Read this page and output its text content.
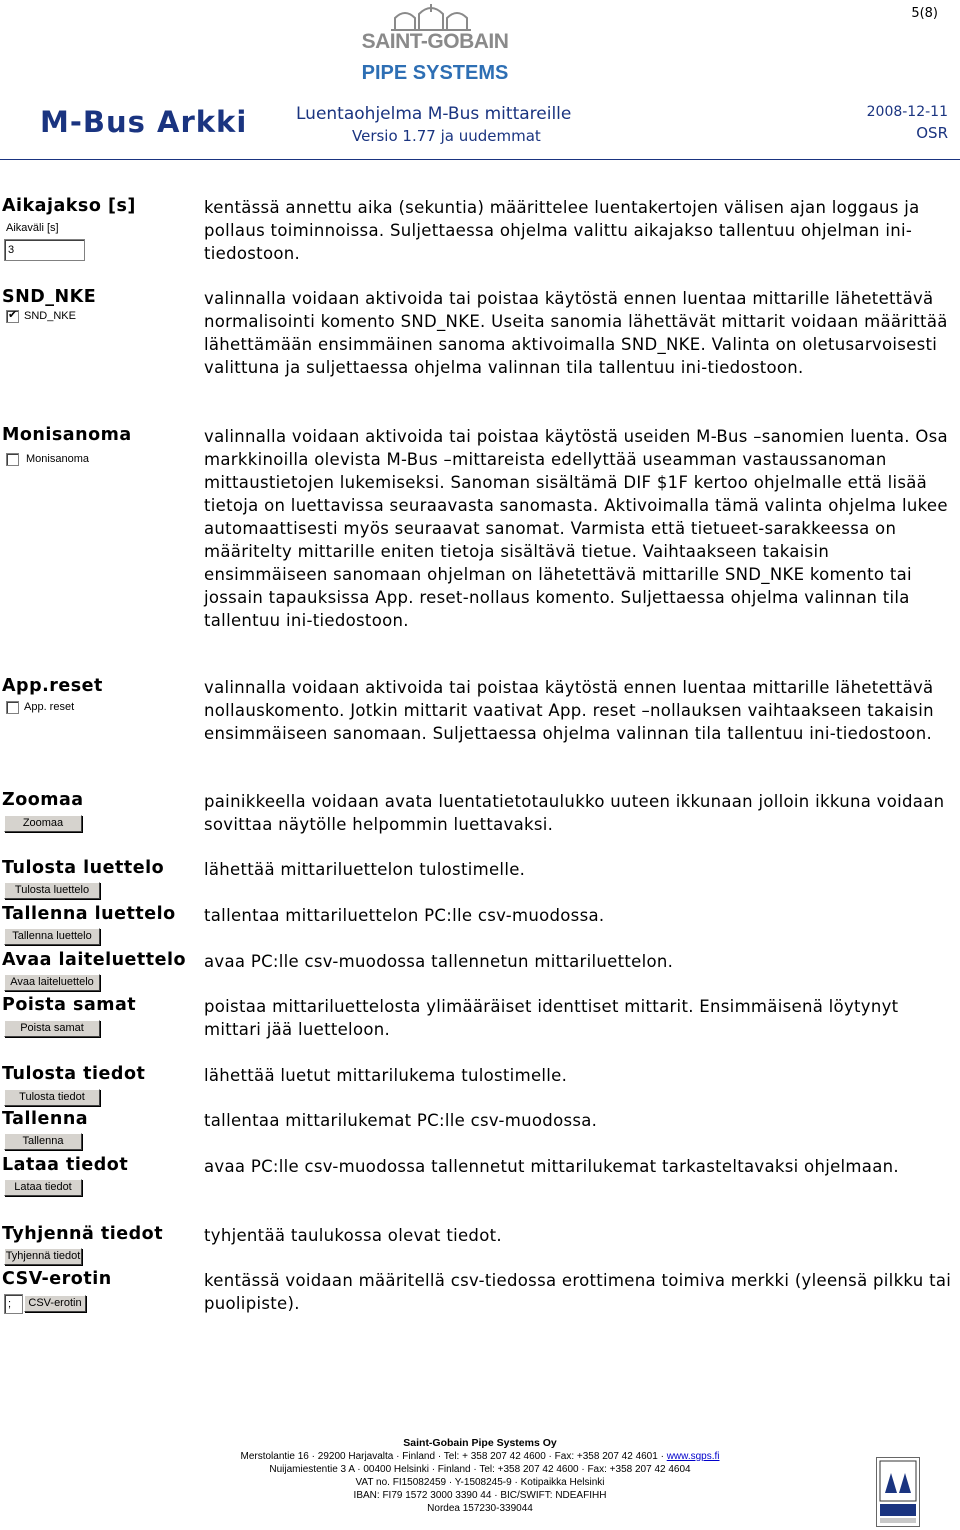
5(8)
SAINT-GOBAIN
PIPE SYSTEMS
M-Bus Arkki	Luentaohjelma M-Bus mittareille
Versio 1.77 ja uudemmat
2008-12-11
OSR
Aikajakso [s]
Aikaväli [s]
3

kentässä annettu aika (sekuntia) määrittelee luentakertojen välisen ajan loggaus ja pollaus toiminnoissa. Suljettaessa ohjelma valittu aikajakso tallentuu ohjelman ini-tiedostoon.

SND_NKE
✔ SND_NKE

valinnalla voidaan aktivoida tai poistaa käytöstä ennen luentaa mittarille lähetettävä normalisointi komento SND_NKE. Useita sanomia lähettävät mittarit voidaan määrittää lähettämään ensimmäinen sanoma aktivoimalla SND_NKE. Valinta on oletusarvoisesti valittuna ja suljettaessa ohjelma valinnan tila tallentuu ini-tiedostoon.

Monisanoma
Monisanoma

valinnalla voidaan aktivoida tai poistaa käytöstä useiden M-Bus –sanomien luenta. Osa markkinoilla olevista M-Bus –mittareista edellyttää useamman vastaussanoman mittaustietojen lukemiseksi. Sanoman sisältämä DIF $1F kertoo ohjelmalle että lisää tietoja on luettavissa seuraavasta sanomasta. Aktivoimalla tämä valinta ohjelma lukee automaattisesti myös seuraavat sanomat. Varmista että tietueet-sarakkeessa on määritelty mittarille eniten tietoja sisältävä tietue. Vaihtaakseen takaisin ensimmäiseen sanomaan ohjelman on lähetettävä mittarille SND_NKE komento tai jossain tapauksissa App. reset-nollaus komento. Suljettaessa ohjelma valinnan tila tallentuu ini-tiedostoon.

App.reset
App. reset

valinnalla voidaan aktivoida tai poistaa käytöstä ennen luentaa mittarille lähetettävä nollauskomento. Jotkin mittarit vaativat App. reset –nollauksen vaihtaakseen takaisin ensimmäiseen sanomaan. Suljettaessa ohjelma valinnan tila tallentuu ini-tiedostoon.

Zoomaa
Zoomaa

painikkeella voidaan avata luentatietotaulukko uuteen ikkunaan jolloin ikkuna voidaan sovittaa näytölle helpommin luettavaksi.

Tulosta luettelo
Tulosta luettelo

lähettää mittariluettelon tulostimelle.

Tallenna luettelo
Tallenna luettelo

tallentaa mittariluettelon PC:lle csv-muodossa.

Avaa laiteluettelo
Avaa laiteluettelo

avaa PC:lle csv-muodossa tallennetun mittariluettelon.

Poista samat
Poista samat

poistaa mittariluettelosta ylimääräiset identtiset mittarit. Ensimmäisenä löytynyt mittari jää luetteloon.

Tulosta tiedot
Tulosta tiedot

lähettää luetut mittarilukema tulostimelle.

Tallenna
Tallenna

tallentaa mittarilukemat PC:lle csv-muodossa.

Lataa tiedot
Lataa tiedot

avaa PC:lle csv-muodossa tallennetut mittarilukemat tarkasteltavaksi ohjelmaan.

Tyhjennä tiedot
Tyhjennä tiedot

tyhjentää taulukossa olevat tiedot.

CSV-erotin
;	CSV-erotin

kentässä voidaan määritellä csv-tiedossa erottimena toimiva merkki (yleensä pilkku tai puolipiste).

Saint-Gobain Pipe Systems Oy
Merstolantie 16 · 29200 Harjavalta · Finland · Tel: + 358 207 42 4600 · Fax: +358 207 42 4601 · www.sgps.fi
Nuijamiestentie 3 A · 00400 Helsinki · Finland · Tel: +358 207 42 4600 · Fax: +358 207 42 4604
VAT no. FI15082459 · Y-1508245-9 · Kotipaikka Helsinki
IBAN: FI79 1572 3000 3390 44 · BIC/SWIFT: NDEAFIHH
Nordea 157230-339044
